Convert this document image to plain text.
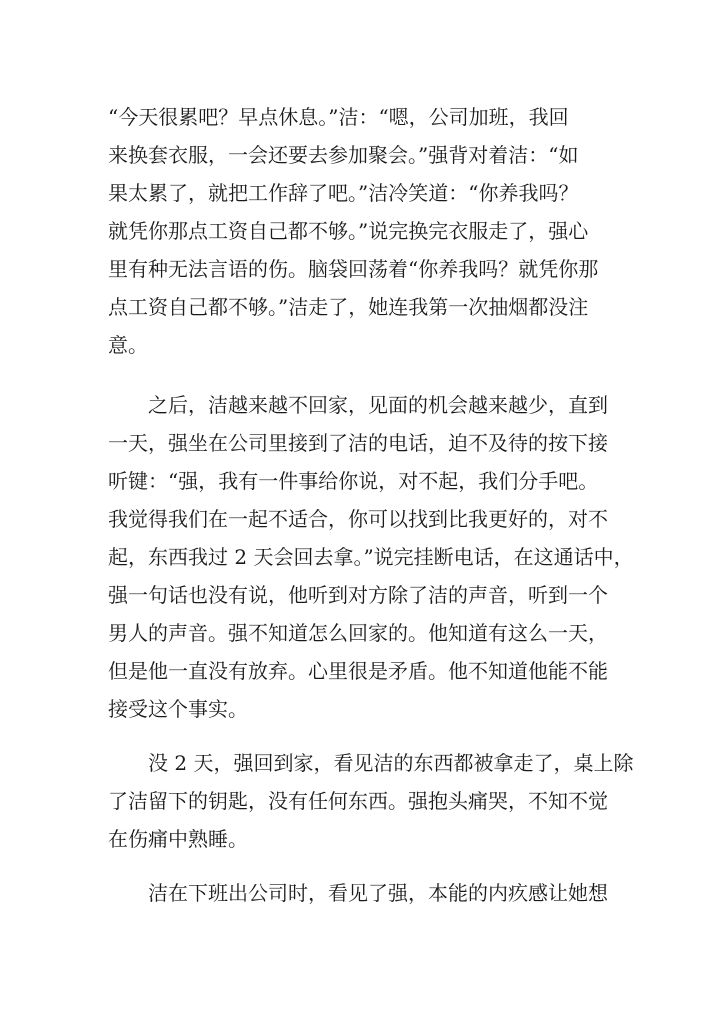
“今天很累吧？早点休息。”洁：“嗯，公司加班，我回
来换套衣服，一会还要去参加聚会。”强背对着洁：“如
果太累了，就把工作辞了吧。”洁冷笑道：“你养我吗？
就凭你那点工资自己都不够。”说完换完衣服走了，强心
里有种无法言语的伤。脑袋回荡着“你养我吗？就凭你那
点工资自己都不够。”洁走了，她连我第一次抽烟都没注
意。
　　之后，洁越来越不回家，见面的机会越来越少，直到
一天，强坐在公司里接到了洁的电话，迫不及待的按下接
听键：“强，我有一件事给你说，对不起，我们分手吧。
我觉得我们在一起不适合，你可以找到比我更好的，对不
起，东西我过 2 天会回去拿。”说完挂断电话，在这通话中，
强一句话也没有说，他听到对方除了洁的声音，听到一个
男人的声音。强不知道怎么回家的。他知道有这么一天，
但是他一直没有放弃。心里很是矛盾。他不知道他能不能
接受这个事实。
　　没 2 天，强回到家，看见洁的东西都被拿走了，桌上除
了洁留下的钥匙，没有任何东西。强抱头痛哭，不知不觉
在伤痛中熟睡。
　　洁在下班出公司时，看见了强，本能的内疚感让她想
